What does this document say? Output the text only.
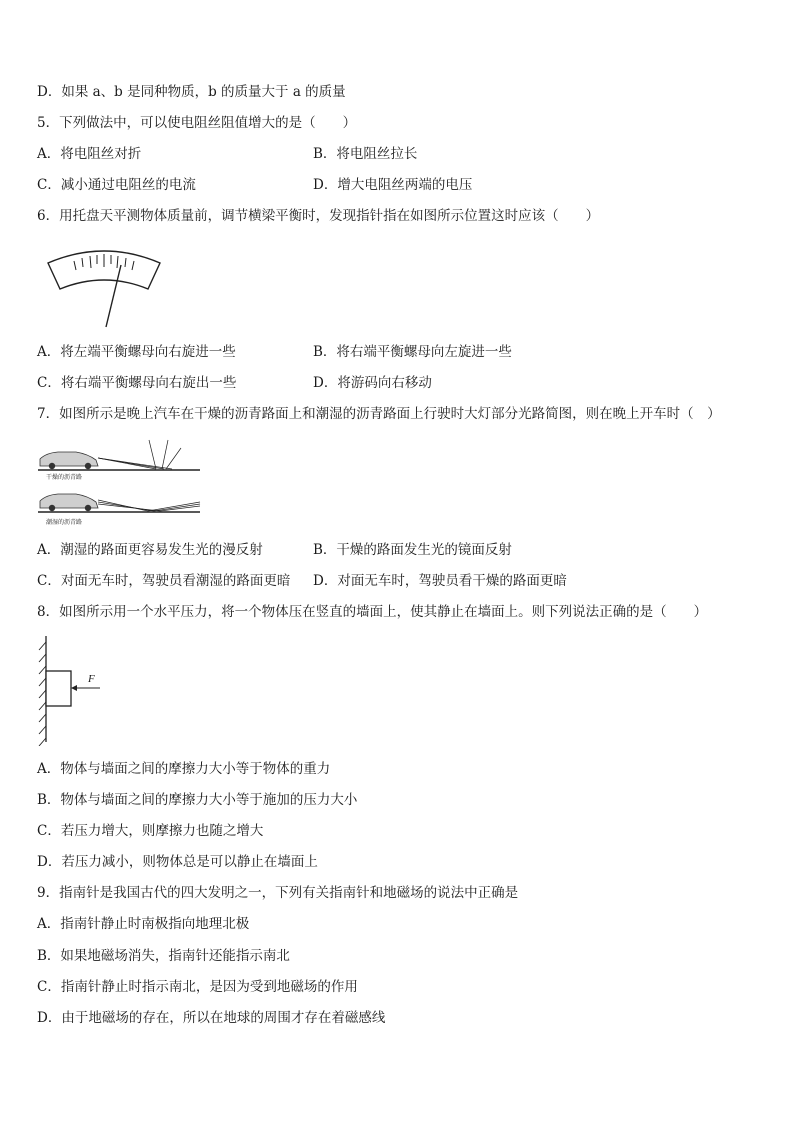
D．如果 a、b 是同种物质，b 的质量大于 a 的质量
5．下列做法中，可以使电阻丝阻值增大的是（　　）
A．将电阻丝对折	B．将电阻丝拉长
C．减小通过电阻丝的电流	D．增大电阻丝两端的电压
6．用托盘天平测物体质量前，调节横梁平衡时，发现指针指在如图所示位置这时应该（　　）
A．将左端平衡螺母向右旋进一些	B．将右端平衡螺母向左旋进一些
C．将右端平衡螺母向右旋出一些	D．将游码向右移动
7．如图所示是晚上汽车在干燥的沥青路面上和潮湿的沥青路面上行驶时大灯部分光路简图，则在晚上开车时（　）
干燥的沥青路
潮湿的沥青路
A．潮湿的路面更容易发生光的漫反射	B．干燥的路面发生光的镜面反射
C．对面无车时，驾驶员看潮湿的路面更暗 D．对面无车时，驾驶员看干燥的路面更暗
8．如图所示用一个水平压力，将一个物体压在竖直的墙面上，使其静止在墙面上。则下列说法正确的是（　　）
F
A．物体与墙面之间的摩擦力大小等于物体的重力
B．物体与墙面之间的摩擦力大小等于施加的压力大小
C．若压力增大，则摩擦力也随之增大
D．若压力减小，则物体总是可以静止在墙面上
9．指南针是我国古代的四大发明之一，下列有关指南针和地磁场的说法中正确是
A．指南针静止时南极指向地理北极
B．如果地磁场消失，指南针还能指示南北
C．指南针静止时指示南北，是因为受到地磁场的作用
D．由于地磁场的存在，所以在地球的周围才存在着磁感线
